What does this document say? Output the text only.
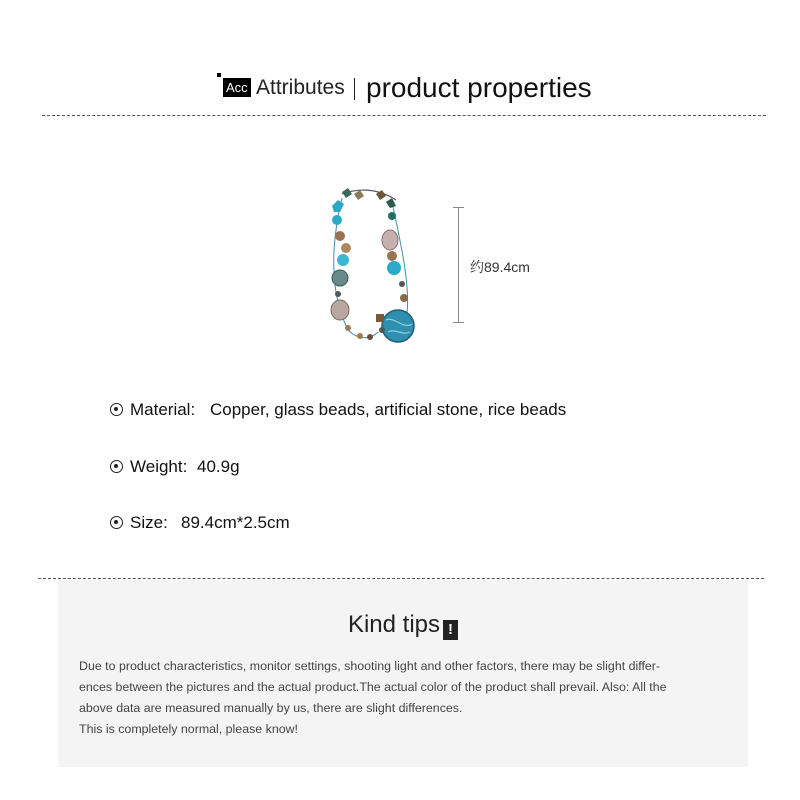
Acc Attributes product properties
约89.4cm
Material: Copper, glass beads, artificial stone, rice beads
Weight: 40.9g
Size: 89.4cm*2.5cm
Kind tips !

Due to product characteristics, monitor settings, shooting light and other factors, there may be slight differ-

ences between the pictures and the actual product.The actual color of the product shall prevail. Also: All the

above data are measured manually by us, there are slight differences.

This is completely normal, please know!
